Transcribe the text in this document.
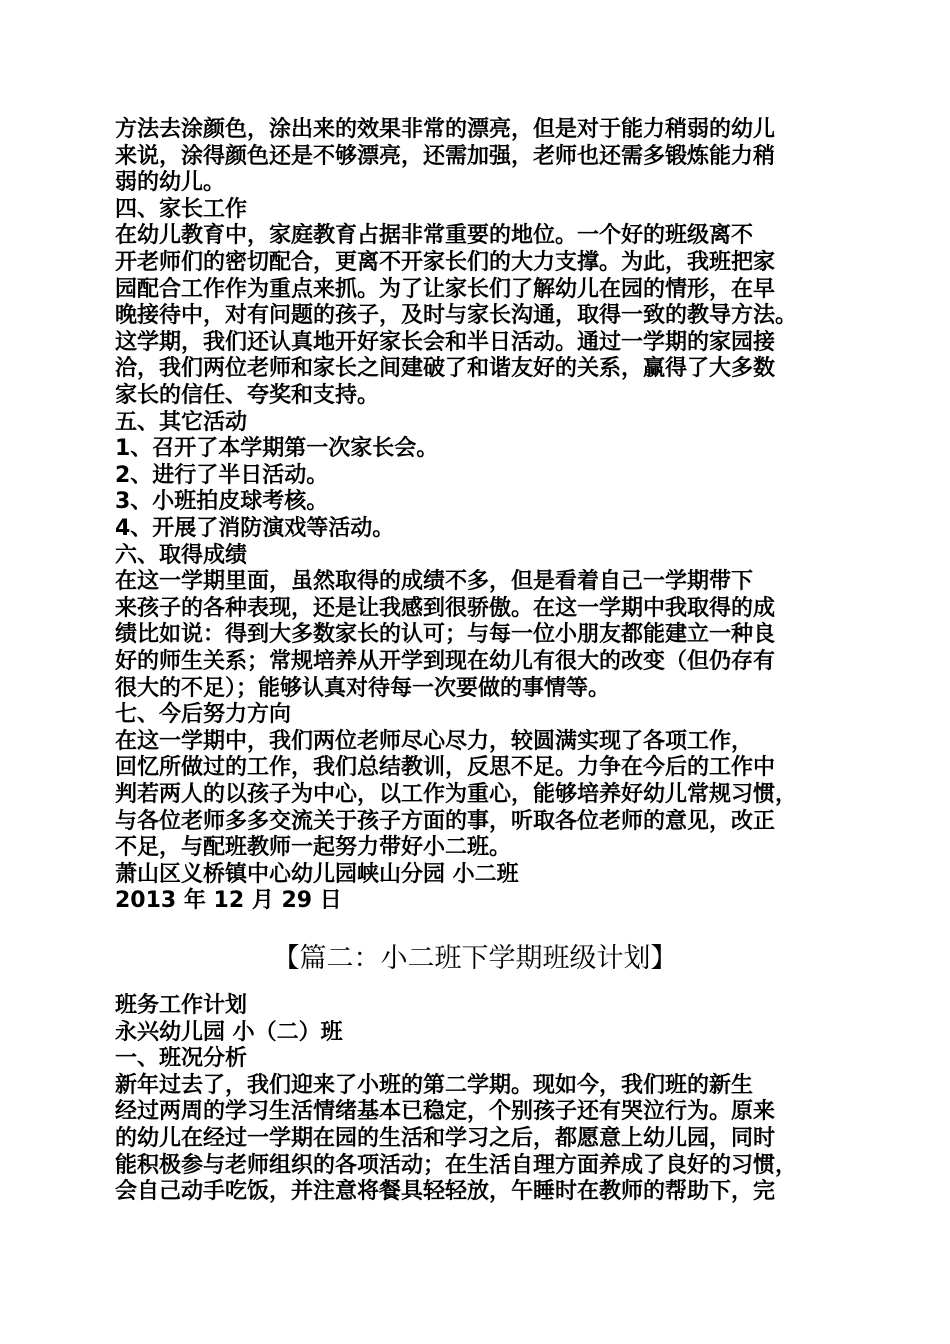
方法去涂颜色，涂出来的效果非常的漂亮，但是对于能力稍弱的幼儿
来说，涂得颜色还是不够漂亮，还需加强，老师也还需多锻炼能力稍
弱的幼儿。
四、家长工作
在幼儿教育中，家庭教育占据非常重要的地位。一个好的班级离不
开老师们的密切配合，更离不开家长们的大力支撑。为此，我班把家
园配合工作作为重点来抓。为了让家长们了解幼儿在园的情形，在早
晚接待中，对有问题的孩子，及时与家长沟通，取得一致的教导方法。
这学期，我们还认真地开好家长会和半日活动。通过一学期的家园接
洽，我们两位老师和家长之间建破了和谐友好的关系，赢得了大多数
家长的信任、夸奖和支持。
五、其它活动
1、召开了本学期第一次家长会。
2、进行了半日活动。
3、小班拍皮球考核。
4、开展了消防演戏等活动。
六、取得成绩
在这一学期里面，虽然取得的成绩不多，但是看着自己一学期带下
来孩子的各种表现，还是让我感到很骄傲。在这一学期中我取得的成
绩比如说：得到大多数家长的认可；与每一位小朋友都能建立一种良
好的师生关系；常规培养从开学到现在幼儿有很大的改变（但仍存有
很大的不足）；能够认真对待每一次要做的事情等。
七、今后努力方向
在这一学期中，我们两位老师尽心尽力，较圆满实现了各项工作，
回忆所做过的工作，我们总结教训，反思不足。力争在今后的工作中
判若两人的以孩子为中心，以工作为重心，能够培养好幼儿常规习惯，
与各位老师多多交流关于孩子方面的事，听取各位老师的意见，改正
不足，与配班教师一起努力带好小二班。
萧山区义桥镇中心幼儿园峡山分园 小二班
2013 年 12 月 29 日
【篇二：小二班下学期班级计划】
班务工作计划
永兴幼儿园 小（二）班
一、班况分析
新年过去了，我们迎来了小班的第二学期。现如今，我们班的新生
经过两周的学习生活情绪基本已稳定，个别孩子还有哭泣行为。原来
的幼儿在经过一学期在园的生活和学习之后，都愿意上幼儿园，同时
能积极参与老师组织的各项活动；在生活自理方面养成了良好的习惯，
会自己动手吃饭，并注意将餐具轻轻放，午睡时在教师的帮助下，完
